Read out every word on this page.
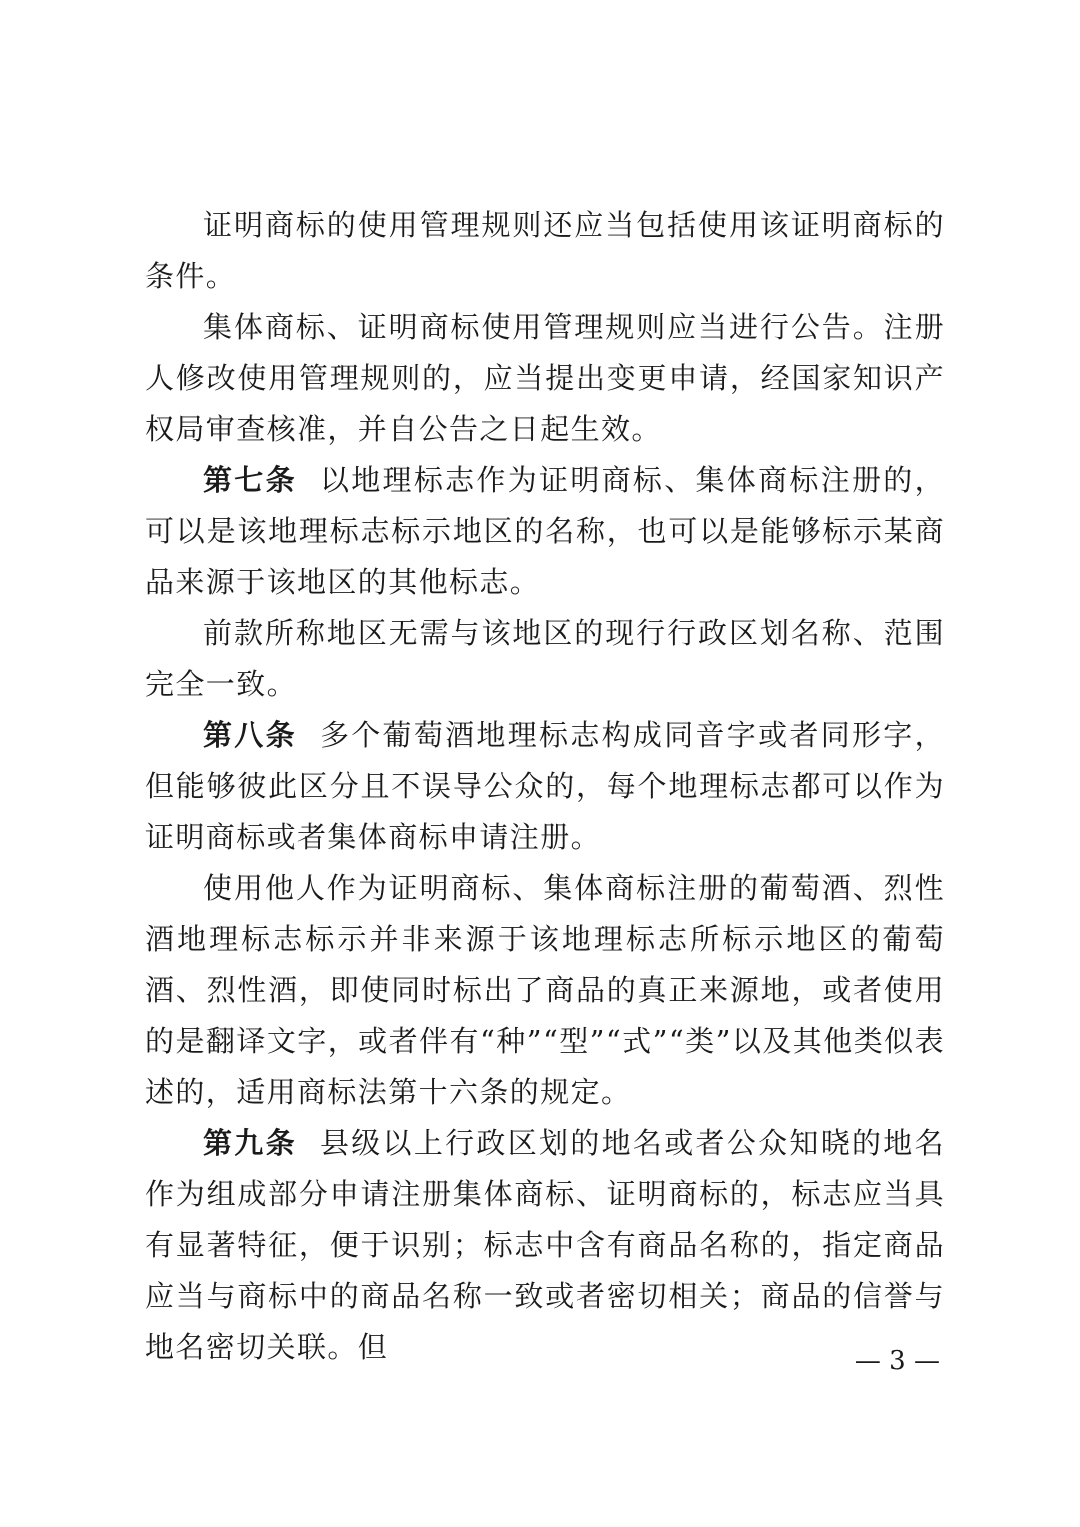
证明商标的使用管理规则还应当包括使用该证明商标的条件。

集体商标、证明商标使用管理规则应当进行公告。注册人修改使用管理规则的，应当提出变更申请，经国家知识产权局审查核准，并自公告之日起生效。

第七条 以地理标志作为证明商标、集体商标注册的，可以是该地理标志标示地区的名称，也可以是能够标示某商品来源于该地区的其他标志。

前款所称地区无需与该地区的现行行政区划名称、范围完全一致。

第八条 多个葡萄酒地理标志构成同音字或者同形字，但能够彼此区分且不误导公众的，每个地理标志都可以作为证明商标或者集体商标申请注册。

使用他人作为证明商标、集体商标注册的葡萄酒、烈性酒地理标志标示并非来源于该地理标志所标示地区的葡萄酒、烈性酒，即使同时标出了商品的真正来源地，或者使用的是翻译文字，或者伴有“种”“型”“式”“类”以及其他类似表述的，适用商标法第十六条的规定。

第九条 县级以上行政区划的地名或者公众知晓的地名作为组成部分申请注册集体商标、证明商标的，标志应当具有显著特征，便于识别；标志中含有商品名称的，指定商品应当与商标中的商品名称一致或者密切相关；商品的信誉与地名密切关联。但	— 3 —
